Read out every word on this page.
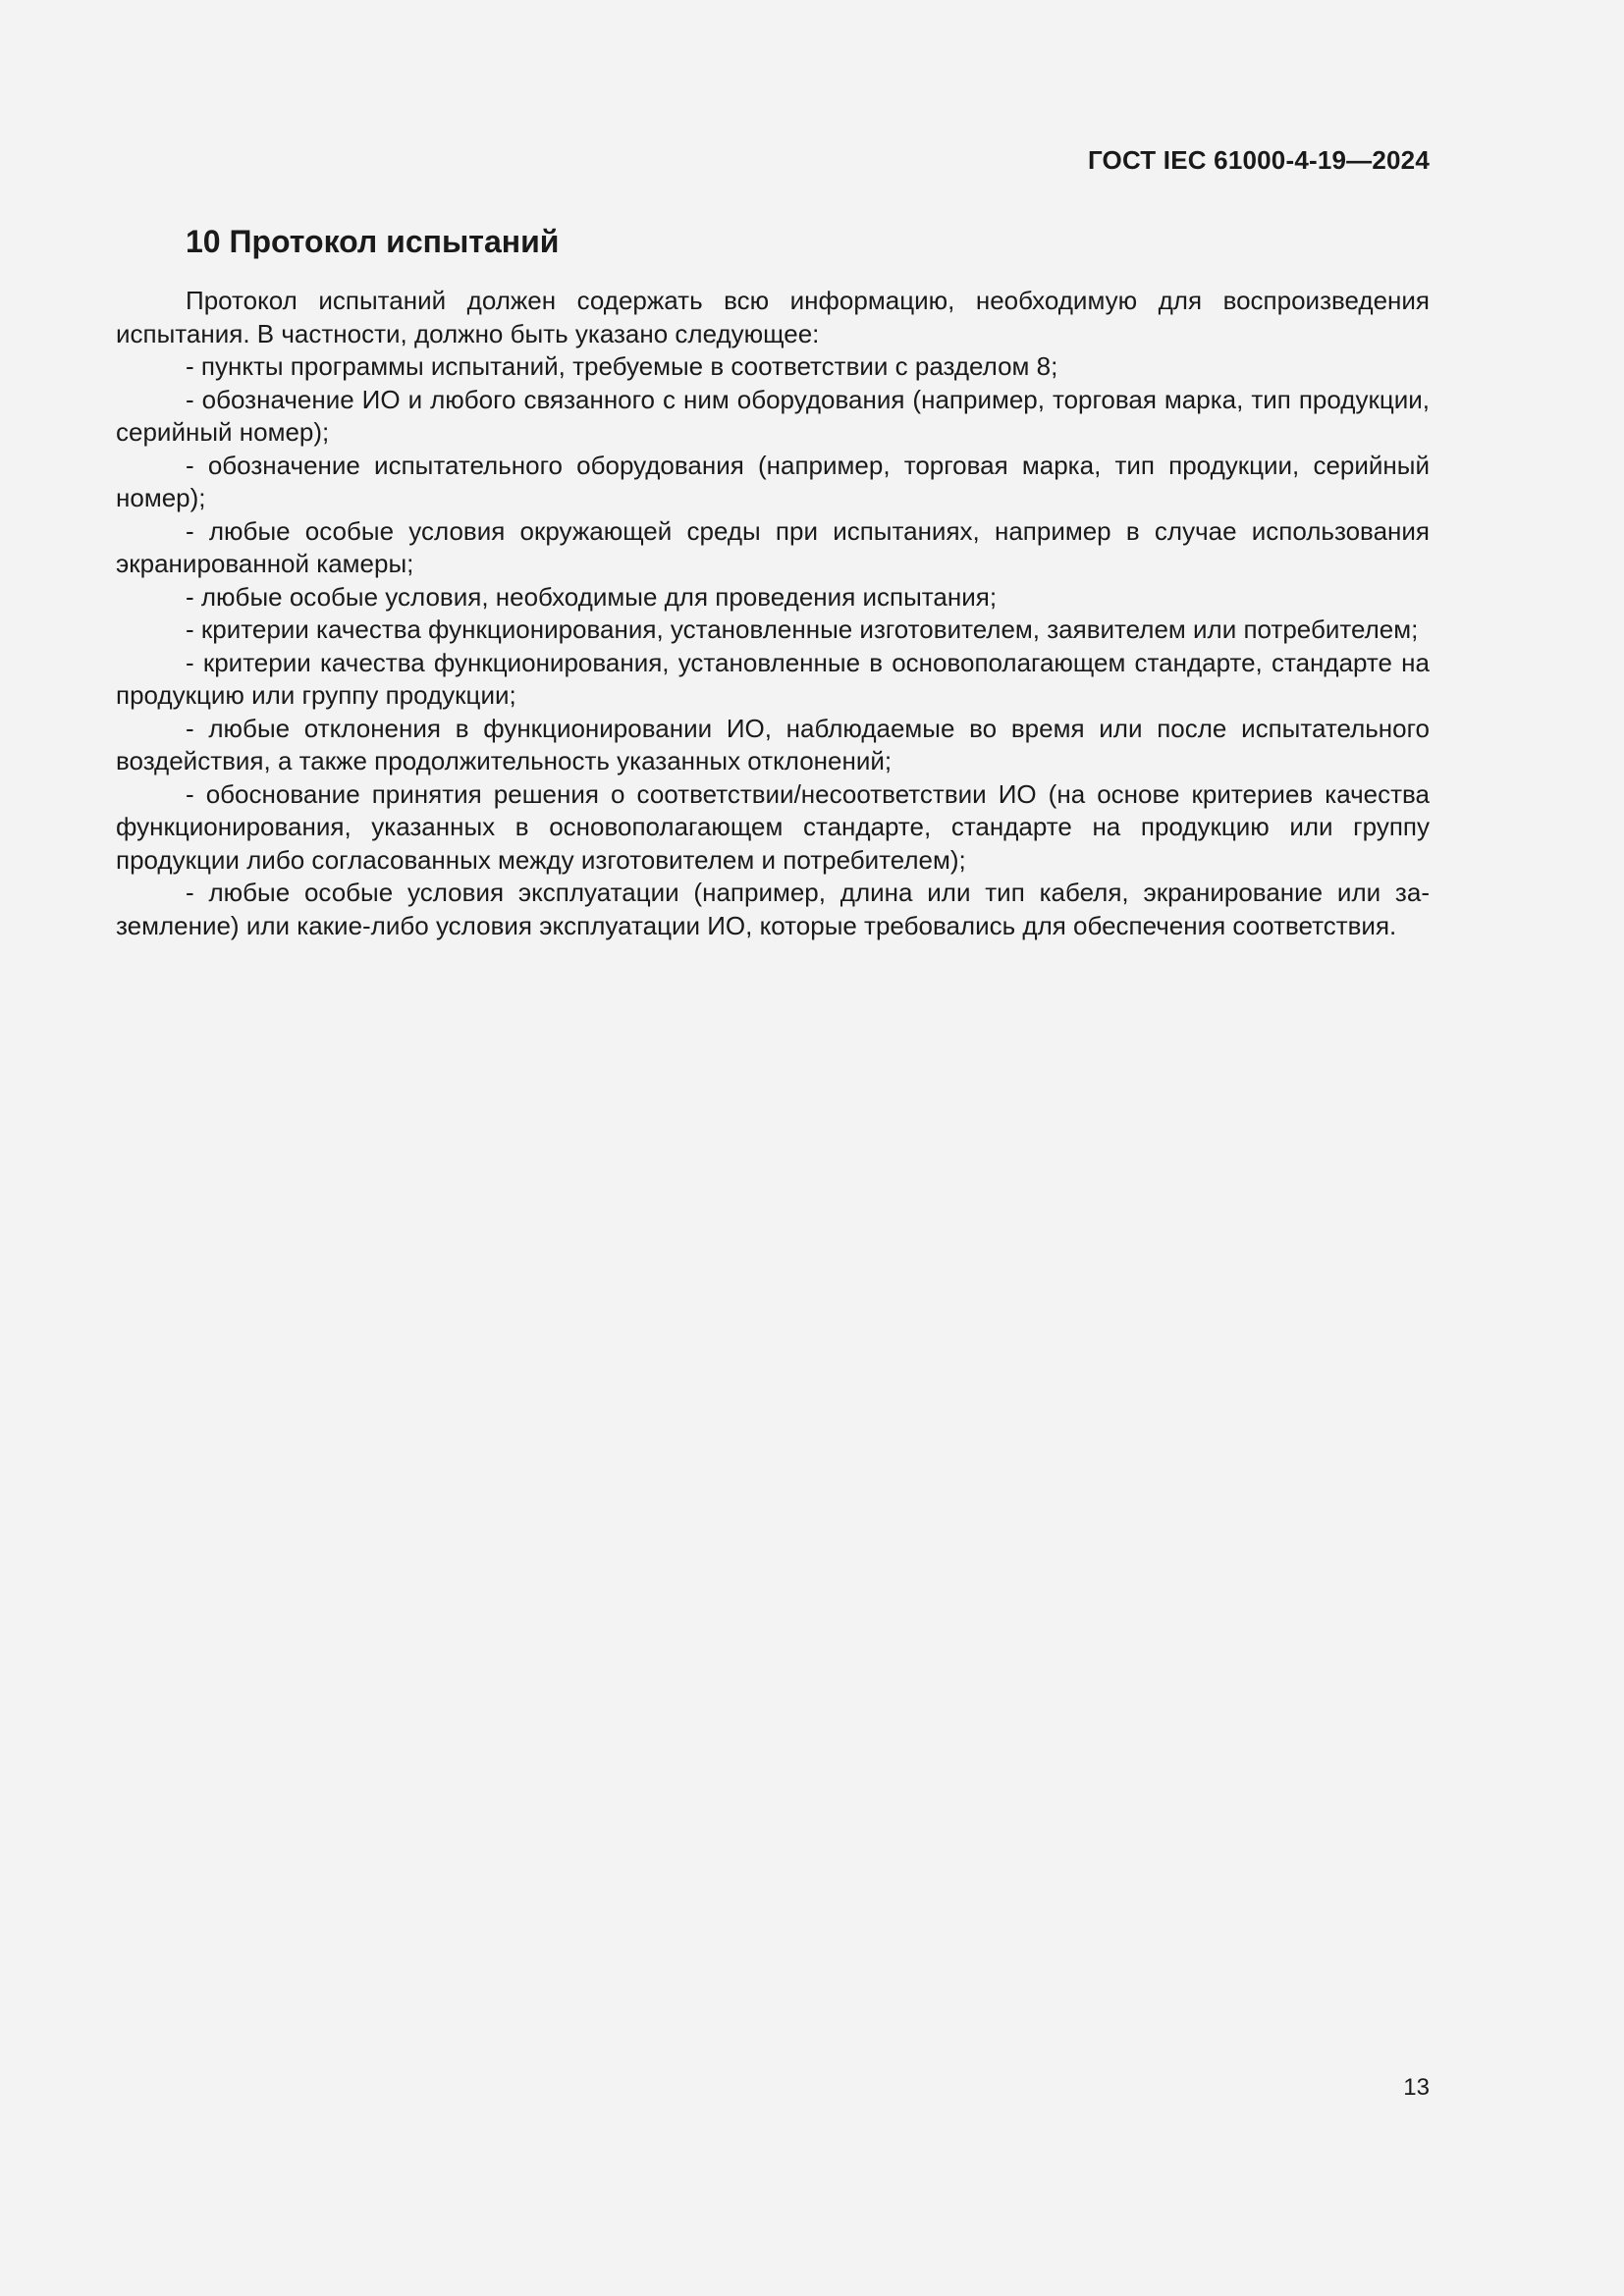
ГОСТ IEC 61000-4-19—2024
10 Протокол испытаний

Протокол испытаний должен содержать всю информацию, необходимую для воспроизведения испытания. В частности, должно быть указано следующее:

- пункты программы испытаний, требуемые в соответствии с разделом 8;

- обозначение ИО и любого связанного с ним оборудования (например, торговая марка, тип продукции, серийный номер);

- обозначение испытательного оборудования (например, торговая марка, тип продукции, серийный номер);

- любые особые условия окружающей среды при испытаниях, например в случае использования экранированной камеры;

- любые особые условия, необходимые для проведения испытания;

- критерии качества функционирования, установленные изготовителем, заявителем или потребителем;

- критерии качества функционирования, установленные в основополагающем стандарте, стандарте на продукцию или группу продукции;

- любые отклонения в функционировании ИО, наблюдаемые во время или после испытательного воздействия, а также продолжительность указанных отклонений;

- обоснование принятия решения о соответствии/несоответствии ИО (на основе критериев качества функционирования, указанных в основополагающем стандарте, стандарте на продукцию или группу продукции либо согласованных между изготовителем и потребителем);

- любые особые условия эксплуатации (например, длина или тип кабеля, экранирование или заземление) или какие-либо условия эксплуатации ИО, которые требовались для обеспечения соответствия.

13
